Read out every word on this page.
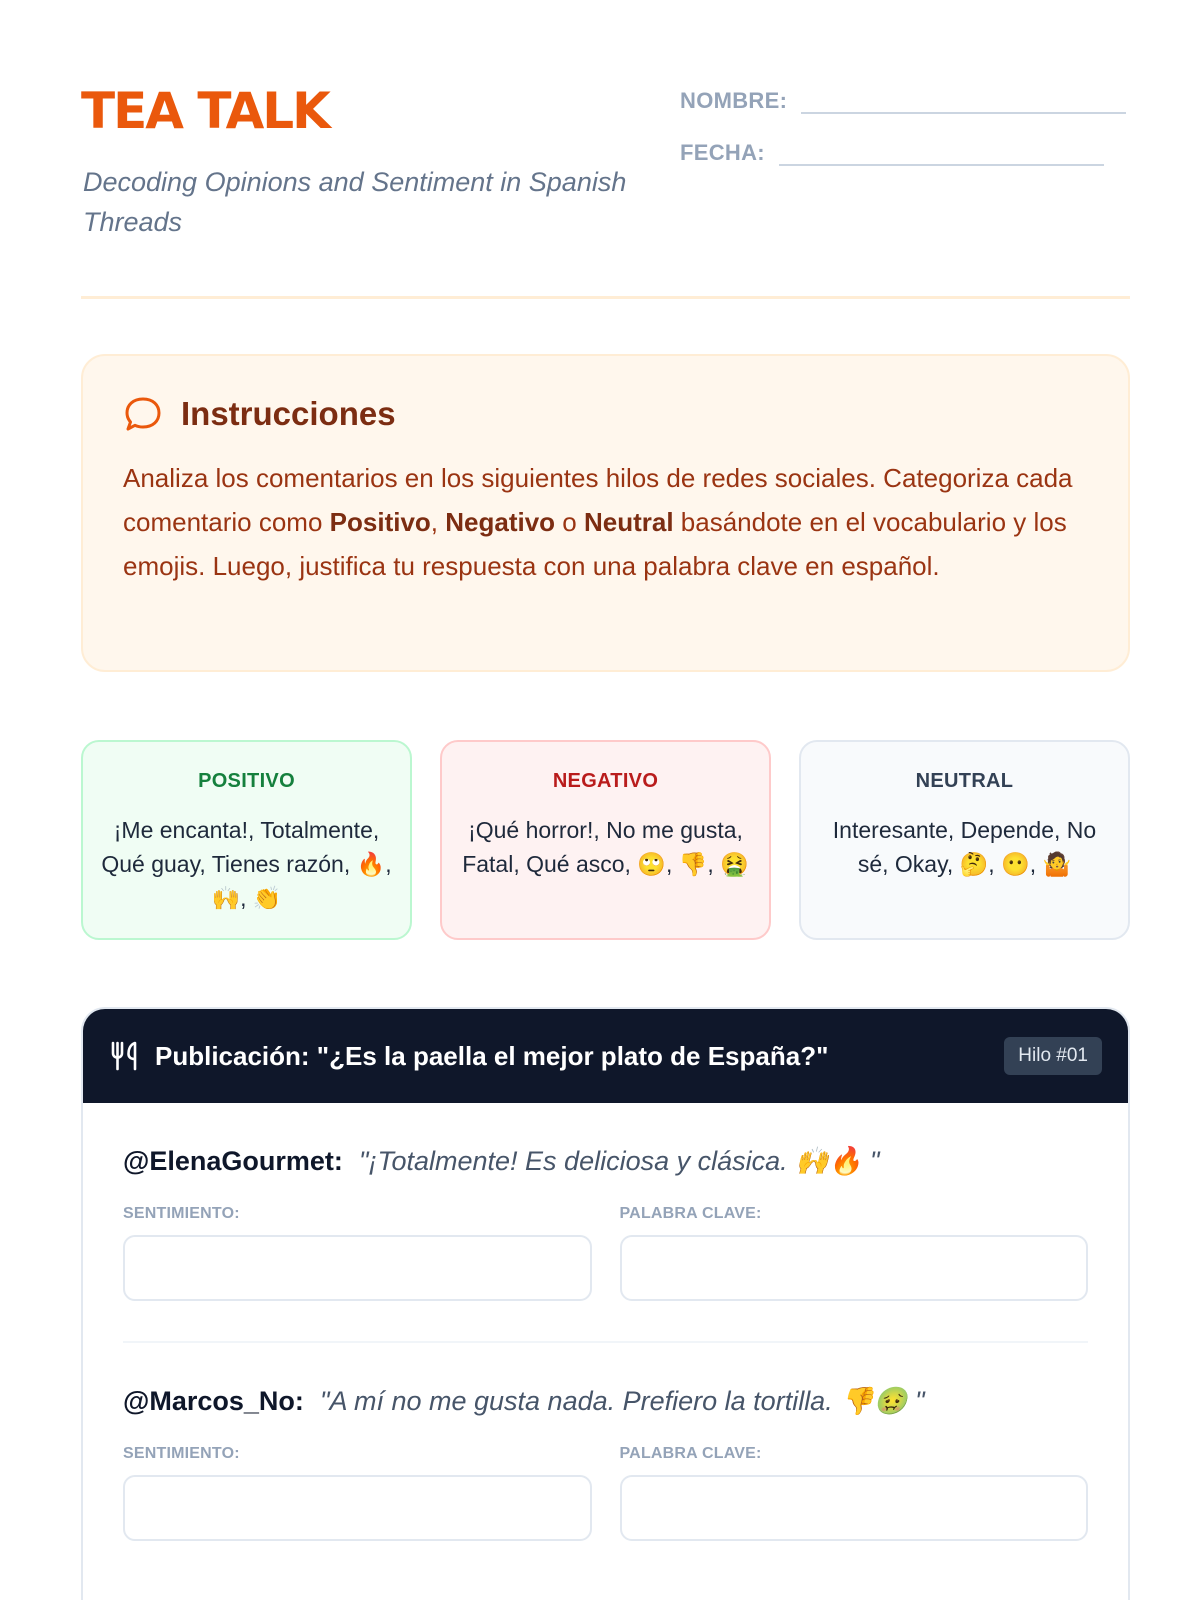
TEA TALK
Decoding Opinions and Sentiment in Spanish Threads
NOMBRE:
FECHA:
Instrucciones
Analiza los comentarios en los siguientes hilos de redes sociales. Categoriza cada comentario como Positivo, Negativo o Neutral basándote en el vocabulario y los emojis. Luego, justifica tu respuesta con una palabra clave en español.
POSITIVO
¡Me encanta!, Totalmente, Qué guay, Tienes razón, 🔥, 🙌, 👏
NEGATIVO
¡Qué horror!, No me gusta, Fatal, Qué asco, 🙄, 👎, 🤮
NEUTRAL
Interesante, Depende, No sé, Okay, 🤔, 😶, 🤷
Publicación: "¿Es la paella el mejor plato de España?"	Hilo #01
@ElenaGourmet: "¡Totalmente! Es deliciosa y clásica. 🙌🔥 "
SENTIMIENTO:	PALABRA CLAVE:
@Marcos_No: "A mí no me gusta nada. Prefiero la tortilla. 👎🤢 "
SENTIMIENTO:	PALABRA CLAVE:
